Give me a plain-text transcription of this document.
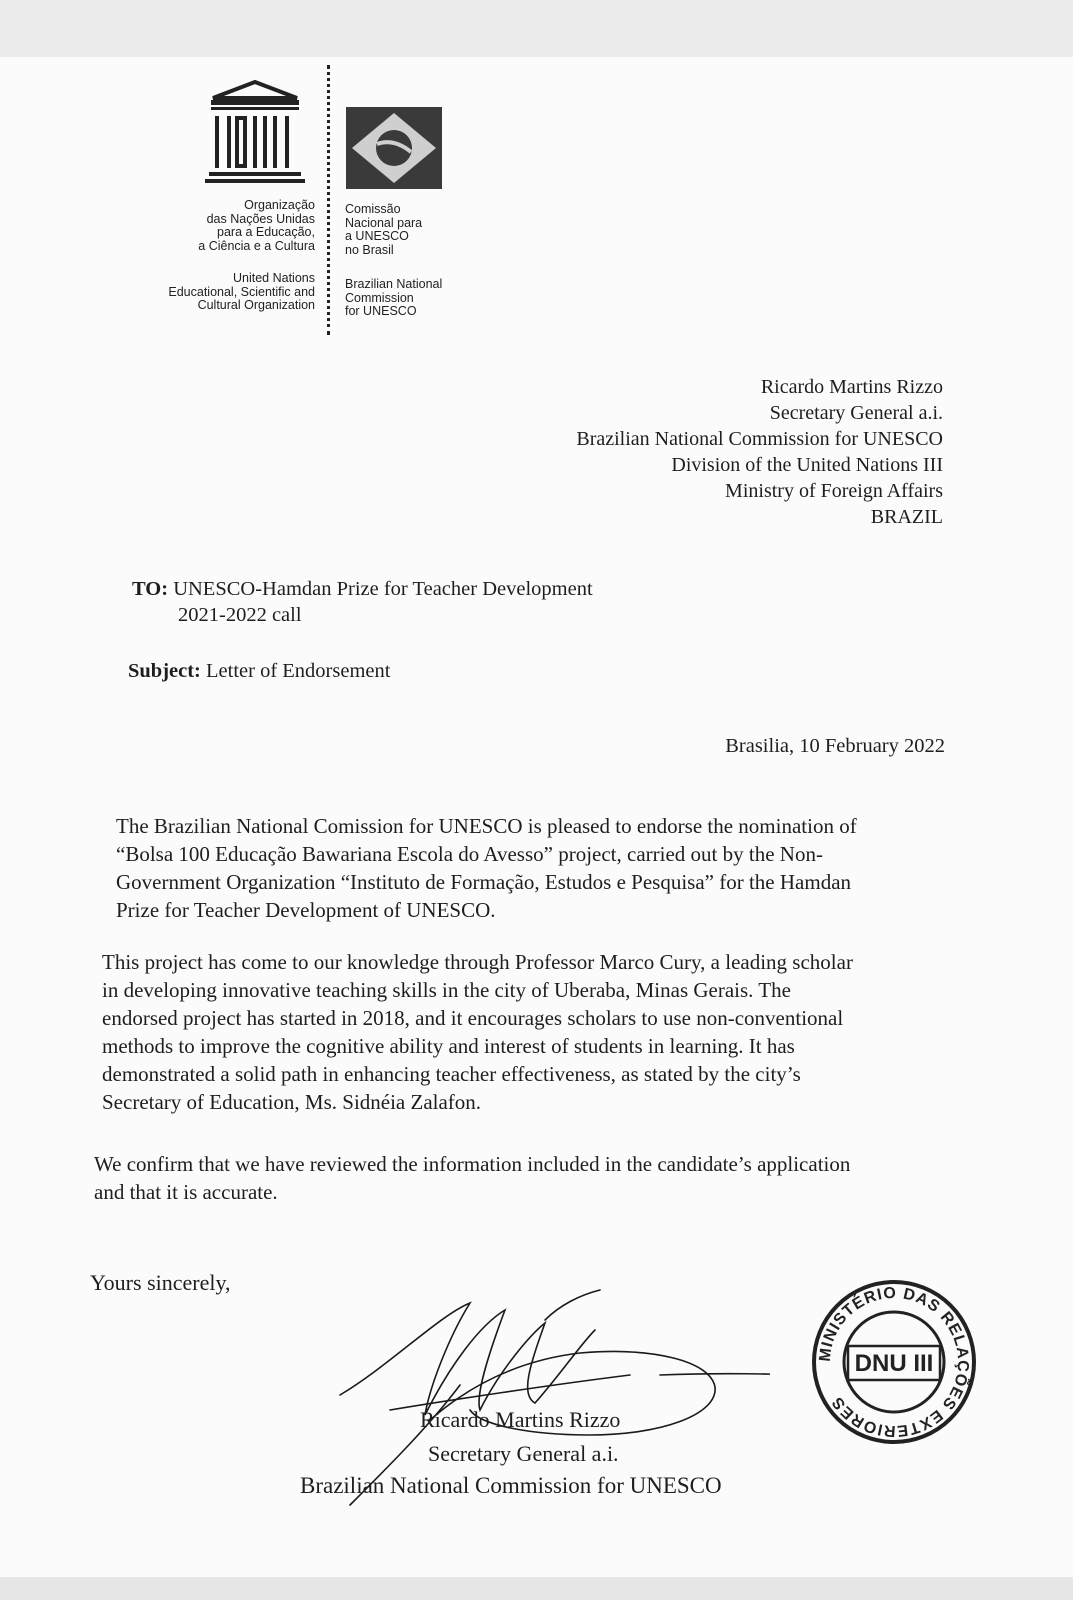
Organização
das Nações Unidas
para a Educação,
a Ciência e a Cultura
United Nations
Educational, Scientific and
Cultural Organization
Comissão
Nacional para
a UNESCO
no Brasil
Brazilian National
Commission
for UNESCO
Ricardo Martins Rizzo
Secretary General a.i.
Brazilian National Commission for UNESCO
Division of the United Nations III
Ministry of Foreign Affairs
BRAZIL
TO: UNESCO-Hamdan Prize for Teacher Development
2021-2022 call
Subject: Letter of Endorsement
Brasilia, 10 February 2022
The Brazilian National Comission for UNESCO is pleased to endorse the nomination of
“Bolsa 100 Educação Bawariana Escola do Avesso” project, carried out by the Non-
Government Organization “Instituto de Formação, Estudos e Pesquisa” for the Hamdan
Prize for Teacher Development of UNESCO.
This project has come to our knowledge through Professor Marco Cury, a leading scholar
in developing innovative teaching skills in the city of Uberaba, Minas Gerais. The
endorsed project has started in 2018, and it encourages scholars to use non-conventional
methods to improve the cognitive ability and interest of students in learning. It has
demonstrated a solid path in enhancing teacher effectiveness, as stated by the city’s
Secretary of Education, Ms. Sidnéia Zalafon.
We confirm that we have reviewed the information included in the candidate’s application
and that it is accurate.
Yours sincerely,
Ricardo Martins Rizzo
Secretary General a.i.
Brazilian National Commission for UNESCO
MINISTÉRIO DAS RELAÇÕES EXTERIORES
DNU III
